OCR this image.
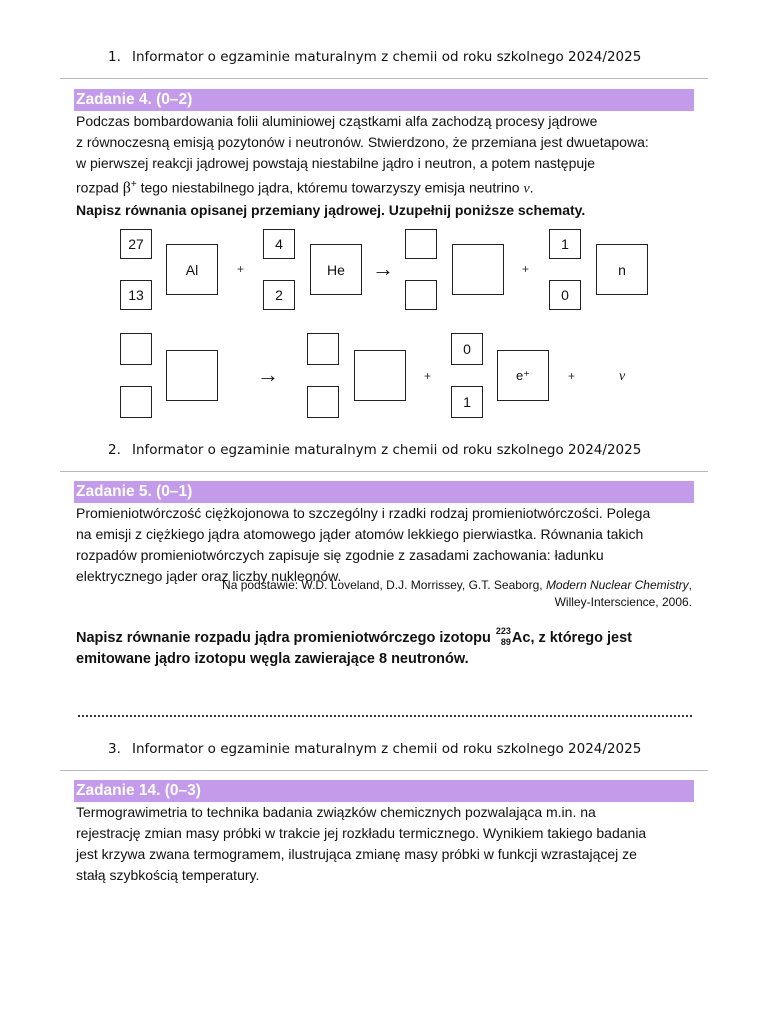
1. Informator o egzaminie maturalnym z chemii od roku szkolnego 2024/2025
Zadanie 4. (0–2)
Podczas bombardowania folii aluminiowej cząstkami alfa zachodzą procesy jądrowe
z równoczesną emisją pozytonów i neutronów. Stwierdzono, że przemiana jest dwuetapowa:
w pierwszej reakcji jądrowej powstają niestabilne jądro i neutron, a potem następuje
rozpad β+ tego niestabilnego jądra, któremu towarzyszy emisja neutrino ν.
Napisz równania opisanej przemiany jądrowej. Uzupełnij poniższe schematy.
27
13
Al	+
4
2
He	→	+
1
0
n
→	+
0
1
e⁺	+	ν
2. Informator o egzaminie maturalnym z chemii od roku szkolnego 2024/2025
Zadanie 5. (0–1)
Promieniotwórczość ciężkojonowa to szczególny i rzadki rodzaj promieniotwórczości. Polega
na emisji z ciężkiego jądra atomowego jąder atomów lekkiego pierwiastka. Równania takich
rozpadów promieniotwórczych zapisuje się zgodnie z zasadami zachowania: ładunku
elektrycznego jąder oraz liczby nukleonów.
Na podstawie: W.D. Loveland, D.J. Morrissey, G.T. Seaborg, Modern Nuclear Chemistry,
Willey-Interscience, 2006.
Napisz równanie rozpadu jądra promieniotwórczego izotopu 223
89 Ac, z którego jest
emitowane jądro izotopu węgla zawierające 8 neutronów.
3. Informator o egzaminie maturalnym z chemii od roku szkolnego 2024/2025
Zadanie 14. (0–3)
Termograwimetria to technika badania związków chemicznych pozwalająca m.in. na
rejestrację zmian masy próbki w trakcie jej rozkładu termicznego. Wynikiem takiego badania
jest krzywa zwana termogramem, ilustrująca zmianę masy próbki w funkcji wzrastającej ze
stałą szybkością temperatury.
